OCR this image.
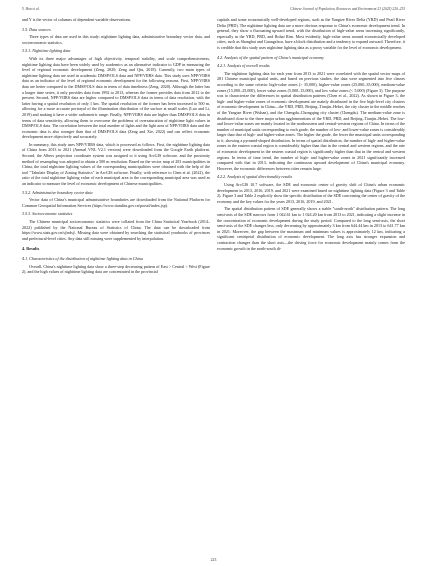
Y. Han et al.	Chinese Journal of Population, Resources and Environment 23 (2025) 220–235

and Y is the vector of columns of dependent variable observations.

3.5. Data sources

Three types of data are used in this study: nighttime lighting data, administrative boundary vector data, and socioeconomic statistics.

3.5.1. Nighttime lighting data

With its three major advantages of high objectivity, temporal stability, and scale comprehensiveness, nighttime lighting data have been widely used by academics as an alternative indicator to GDP in measuring the level of regional economic development (Zeng, 2020; Zeng and Qiu, 2018). Currently, two main types of nighttime lighting data are used in academia: DMSP/OLS data and NPP/VIIRS data. This study uses NPP/VIIRS data as an indicator of the level of regional economic development for the following reasons. First, NPP/VIIRS data are better compared to the DMSP/OLS data in terms of data timeliness (Zeng, 2020). Although the latter has a longer time series, it only provides data from 1992 to 2013, whereas the former provides data from 2012 to the present. Second, NPP/VIIRS data are higher compared to DMSP/OLS data in terms of data resolution, with the latter having a spatial resolution of only 1 km. The spatial resolution of the former has been increased to 500 m, allowing for a more accurate portrayal of the illumination distribution of the surface at small scales (Luo and Li, 2019) and making it have a wider radiometric range. Finally, NPP/VIIRS data are higher than DMSP/OLS data in terms of data sensitivity, allowing them to overcome the problems of oversaturation of nighttime light values in DMSP/OLS data. The correlation between the total number of lights and the light area of NPP/VIIRS data and the economic data is also stronger than that of DMSP/OLS data (Zeng and Xie, 2022) and can reflect economic development more objectively and accurately.

In summary, this study uses NPP/VIIRS data, which is processed as follows. First, the nighttime lighting data of China from 2013 to 2021 (Annual VNL V2.1 version) were downloaded from the Google Earth platform. Second, the Albers projection coordinate system was assigned to it using ArcGIS software, and the proximity method of resampling was adopted to obtain a 500 m resolution. Based on the vector map of 281 municipalities in China, the total nighttime lighting values of the corresponding municipalities were obtained with the help of the tool "Tabulate Display of Zoning Statistics" in ArcGIS software. Finally, with reference to Chen et al. (2022), the ratio of the total nighttime lighting value of each municipal area to the corresponding municipal area was used as an indicator to measure the level of economic development of Chinese municipalities.

3.5.2. Administrative boundary vector data

Vector data of China's municipal administrative boundaries are downloaded from the National Platform for Common Geospatial Information Services (https://www.tianditu.gov.cn/portal/index.jsp).

3.5.3. Socioeconomic statistics

The Chinese municipal socioeconomic statistics were collated from the China Statistical Yearbook (2014–2022) published by the National Bureau of Statistics of China. The data can be downloaded from https://www.stats.gov.cn/sj/ndsj/. Missing data were obtained by searching the statistical yearbooks of provinces and prefectural-level cities. Any data still missing were supplemented by interpolation.

4. Results
4.1. Characteristics of the distribution of nighttime lighting data in China

Overall, China's nighttime lighting data show a three-step decreasing pattern of East > Central > West (Figure 2), and the high values of nighttime lighting data are concentrated in the provincial

capitals and some economically well-developed regions, such as the Yangtze River Delta (YRD) and Pearl River Delta (PRD). The nighttime lighting data are a more obvious response to China's economic development trend. In general, they show a fluctuating upward trend, with the distribution of high-value areas increasing significantly, especially in the YRD, PRD, and Bohai Rim. Most evidently, high-value areas around economically developed cities, such as Shanghai and Guangzhou, have a block distribution and a tendency to expand outward. Therefore, it is credible that this study uses nighttime lighting data as a proxy variable for the level of economic development.

4.2. Analysis of the spatial pattern of China's municipal economy
4.2.1. Analysis of overall results

The nighttime lighting data for each year from 2013 to 2021 were correlated with the spatial vector maps of 281 Chinese municipal spatial units, and based on previous studies, the data were segmented into five classes according to the same criteria: high-value zones (> 35,000), higher-value zones (25,000–35,000), medium-value zones (15,000–25,000), lower value zones (5,000–15,000), and low value zones (< 5,000) (Figure 3). The purpose was to characterize the differences in spatial distribution patterns (Chen et al., 2022). As shown in Figure 3, the high- and higher-value zones of economic development are mainly distributed in the five high-level city clusters of economic development in China—the YRD, PRD, Beijing–Tianjin–Hebei, the city cluster in the middle reaches of the Yangtze River (Wuhan), and the Chengdu–Chongqing city cluster (Chengdu). The medium-value zone is distributed close to the three major urban agglomerations of the YRD, PRD, and Beijing–Tianjin–Hebei. The low- and lower-value zones are mainly located in the northeastern and central-western regions of China. In terms of the number of municipal units corresponding to each grade, the number of low- and lower-value zones is considerably larger than that of high- and higher-value zones. The higher the grade, the fewer the municipal units corresponding to it, showing a pyramid-shaped distribution. In terms of spatial distribution, the number of high- and higher-value zones in the eastern coastal region is considerably higher than that in the central and western regions, and the rate of economic development in the eastern coastal region is significantly higher than that in the central and western regions. In terms of time trend, the number of high- and higher-value zones in 2021 significantly increased compared with that in 2013, indicating the continuous upward development of China's municipal economy. However, the economic differences between cities remain large.

4.2.2. Analysis of spatial directionality results

Using ArcGIS 10.7 software, the SDE and economic center of gravity shift of China's urban economic development in 2013, 2016, 2019, and 2021 were examined based on nighttime lighting data (Figure 3 and Table 2). Figure 3 and Table 2 explicitly show the specific distribution of the SDE concerning the center of gravity of the economy and the key values for the years 2013, 2016, 2019, and 2021.

The spatial distribution pattern of SDE generally shows a stable "south-north" distribution pattern. The long semi-axis of the SDE narrows from 1 042.61 km to 1 024.20 km from 2013 to 2021, indicating a slight increase in the concentration of economic development during the study period. Compared to the long semi-axis, the short semi-axis of the SDE changes less, only decreasing by approximately 3 km from 644.44 km in 2013 to 641.77 km in 2021. Moreover, the gap between the maximum and minimum values is approximately 12 km, indicating a significant centripetal distribution of economic development. The long axis has stronger expansion and contraction changes than the short axis—the driving force for economic development mainly comes from the economic growth in the north-south di-

223
